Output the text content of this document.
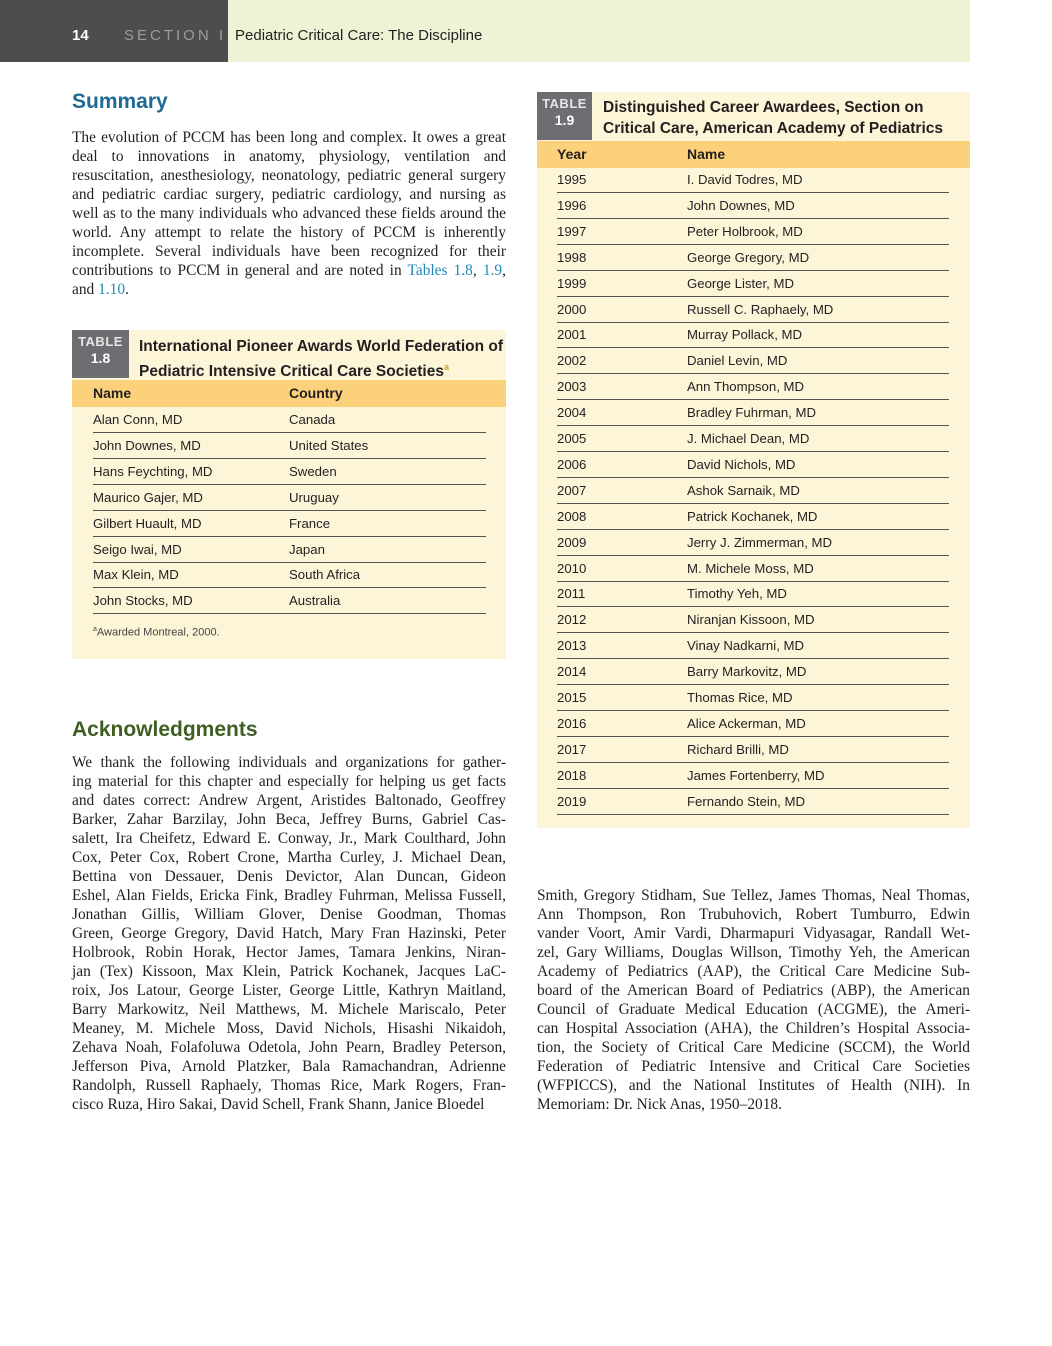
14 SECTION I Pediatric Critical Care: The Discipline
Summary

The evolution of PCCM has been long and complex. It owes a great deal to innovations in anatomy, physiology, ventilation and resuscitation, anesthesiology, neonatology, pediatric general surgery and pediatric cardiac surgery, pediatric cardiology, and nursing as well as to the many individuals who advanced these fields around the world. Any attempt to relate the history of PCCM is inherently incomplete. Several individuals have been recognized for their contributions to PCCM in general and are noted in Tables 1.8, 1.9, and 1.10.

TABLE
1.8
International Pioneer Awards World Federation of Pediatric Intensive Critical Care Societies$^a$
Name	Country
Alan Conn, MD	Canada
John Downes, MD	United States
Hans Feychting, MD	Sweden
Maurico Gajer, MD	Uruguay
Gilbert Huault, MD	France
Seigo Iwai, MD	Japan
Max Klein, MD	South Africa
John Stocks, MD	Australia
$^a$Awarded Montreal, 2000.
TABLE
1.9
Distinguished Career Awardees, Section on Critical Care, American Academy of Pediatrics
Year	Name
1995	I. David Todres, MD
1996	John Downes, MD
1997	Peter Holbrook, MD
1998	George Gregory, MD
1999	George Lister, MD
2000	Russell C. Raphaely, MD
2001	Murray Pollack, MD
2002	Daniel Levin, MD
2003	Ann Thompson, MD
2004	Bradley Fuhrman, MD
2005	J. Michael Dean, MD
2006	David Nichols, MD
2007	Ashok Sarnaik, MD
2008	Patrick Kochanek, MD
2009	Jerry J. Zimmerman, MD
2010	M. Michele Moss, MD
2011	Timothy Yeh, MD
2012	Niranjan Kissoon, MD
2013	Vinay Nadkarni, MD
2014	Barry Markovitz, MD
2015	Thomas Rice, MD
2016	Alice Ackerman, MD
2017	Richard Brilli, MD
2018	James Fortenberry, MD
2019	Fernando Stein, MD
Acknowledgments
We thank the following individuals and organizations for gather-
ing material for this chapter and especially for helping us get facts
and dates correct: Andrew Argent, Aristides Baltonado, Geoffrey
Barker, Zahar Barzilay, John Beca, Jeffrey Burns, Gabriel Cas-
salett, Ira Cheifetz, Edward E. Conway, Jr., Mark Coulthard, John
Cox, Peter Cox, Robert Crone, Martha Curley, J. Michael Dean,
Bettina von Dessauer, Denis Devictor, Alan Duncan, Gideon
Eshel, Alan Fields, Ericka Fink, Bradley Fuhrman, Melissa Fussell,
Jonathan Gillis, William Glover, Denise Goodman, Thomas
Green, George Gregory, David Hatch, Mary Fran Hazinski, Peter
Holbrook, Robin Horak, Hector James, Tamara Jenkins, Niran-
jan (Tex) Kissoon, Max Klein, Patrick Kochanek, Jacques LaC-
roix, Jos Latour, George Lister, George Little, Kathryn Maitland,
Barry Markowitz, Neil Matthews, M. Michele Mariscalo, Peter
Meaney, M. Michele Moss, David Nichols, Hisashi Nikaidoh,
Zehava Noah, Folafoluwa Odetola, John Pearn, Bradley Peterson,
Jefferson Piva, Arnold Platzker, Bala Ramachandran, Adrienne
Randolph, Russell Raphaely, Thomas Rice, Mark Rogers, Fran-
cisco Ruza, Hiro Sakai, David Schell, Frank Shann, Janice Bloedel
Smith, Gregory Stidham, Sue Tellez, James Thomas, Neal Thomas,
Ann Thompson, Ron Trubuhovich, Robert Tumburro, Edwin
vander Voort, Amir Vardi, Dharmapuri Vidyasagar, Randall Wet-
zel, Gary Williams, Douglas Willson, Timothy Yeh, the American
Academy of Pediatrics (AAP), the Critical Care Medicine Sub-
board of the American Board of Pediatrics (ABP), the American
Council of Graduate Medical Education (ACGME), the Ameri-
can Hospital Association (AHA), the Children’s Hospital Associa-
tion, the Society of Critical Care Medicine (SCCM), the World
Federation of Pediatric Intensive and Critical Care Societies
(WFPICCS), and the National Institutes of Health (NIH). In
Memoriam: Dr. Nick Anas, 1950–2018.
